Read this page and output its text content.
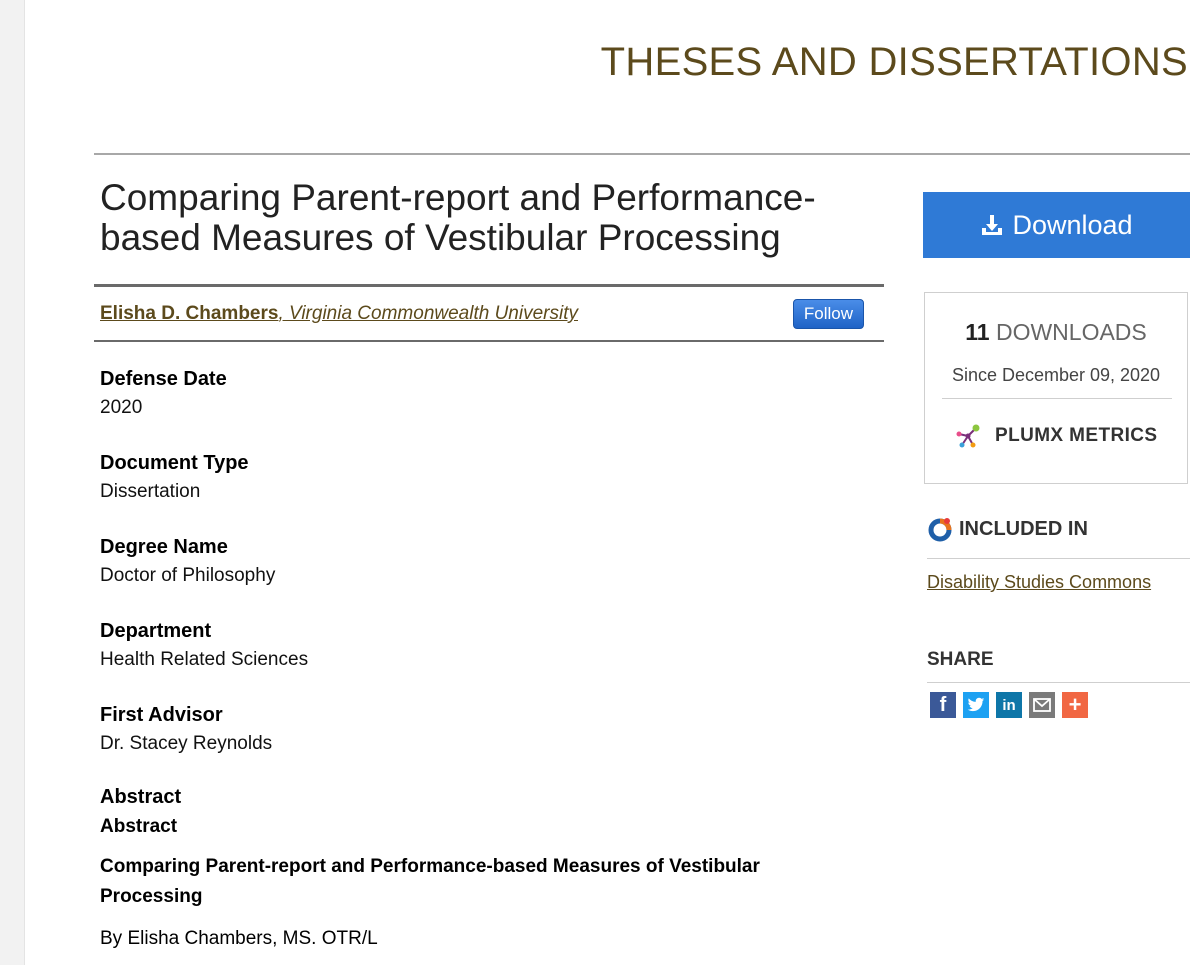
THESES AND DISSERTATIONS
Comparing Parent-report and Performance-based Measures of Vestibular Processing
Elisha D. Chambers, Virginia Commonwealth University	Follow
Defense Date
2020
Document Type
Dissertation
Degree Name
Doctor of Philosophy
Department
Health Related Sciences
First Advisor
Dr. Stacey Reynolds
Abstract
Abstract
Comparing Parent-report and Performance-based Measures of Vestibular Processing
By Elisha Chambers, MS. OTR/L
Download
11 DOWNLOADS
Since December 09, 2020
PLUMX METRICS
INCLUDED IN
Disability Studies Commons
SHARE
f	in +
